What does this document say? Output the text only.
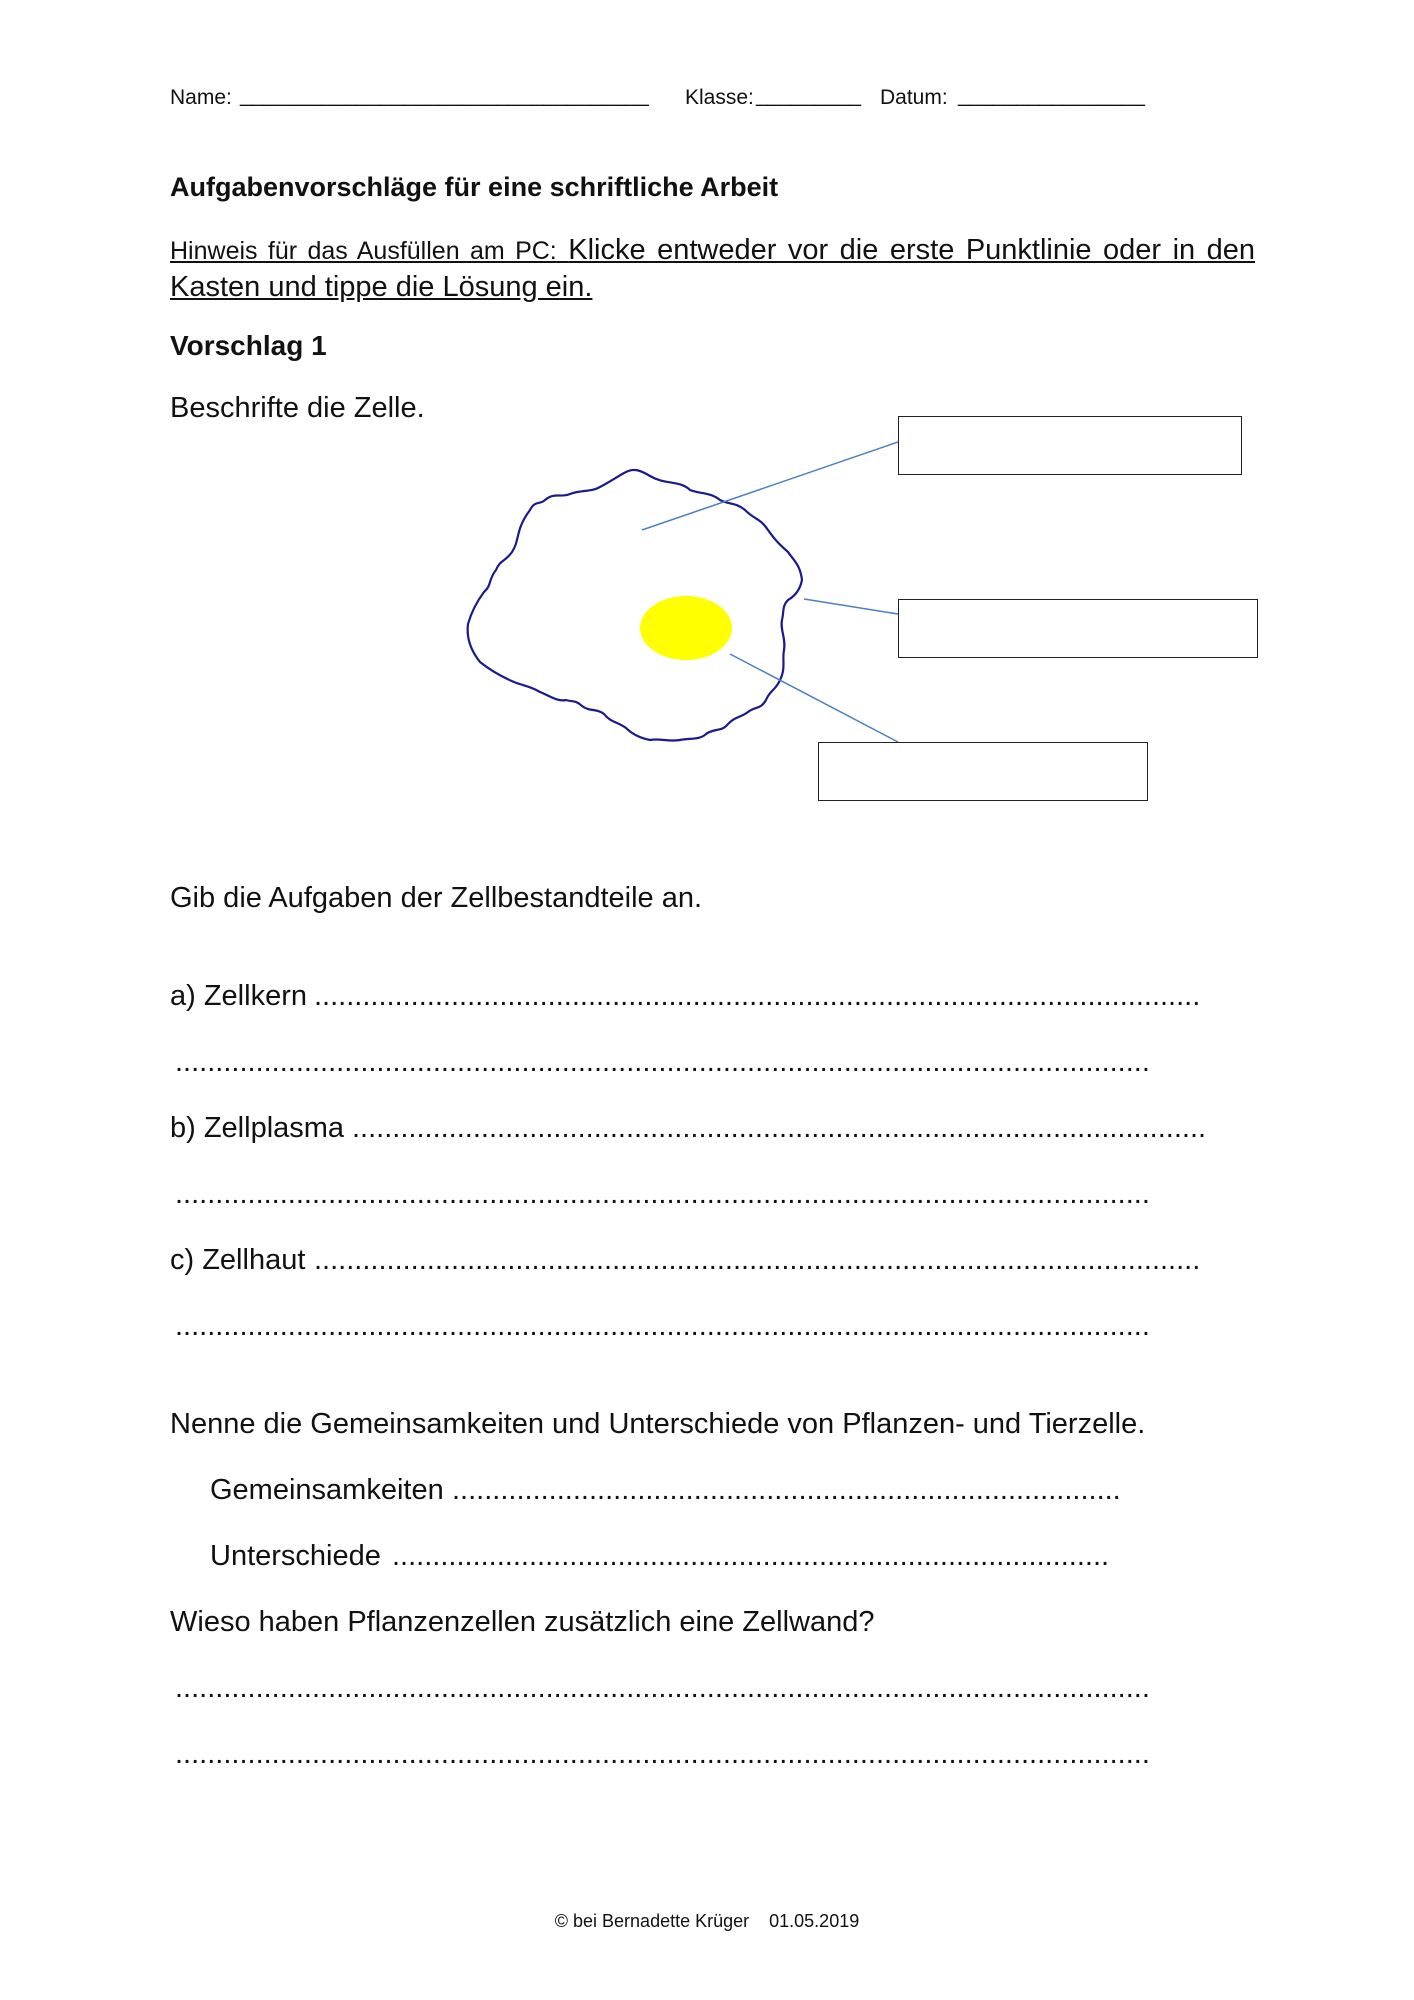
Name: ___________________________________ Klasse: _________ Datum: ________________
Aufgabenvorschläge für eine schriftliche Arbeit
Hinweis für das Ausfüllen am PC: Klicke entweder vor die erste Punktlinie oder in den Kasten und tippe die Lösung ein.
Vorschlag 1
Beschrifte die Zelle.
Gib die Aufgaben der Zellbestandteile an.
a) Zellkern ..............................................................................................................
.........................................................................................................................
b) Zellplasma ..........................................................................................................
.........................................................................................................................
c) Zellhaut ..............................................................................................................
.........................................................................................................................
Nenne die Gemeinsamkeiten und Unterschiede von Pflanzen- und Tierzelle.
Gemeinsamkeiten ...................................................................................
Unterschiede .........................................................................................
Wieso haben Pflanzenzellen zusätzlich eine Zellwand?
.........................................................................................................................
.........................................................................................................................
© bei Bernadette Krüger    01.05.2019
